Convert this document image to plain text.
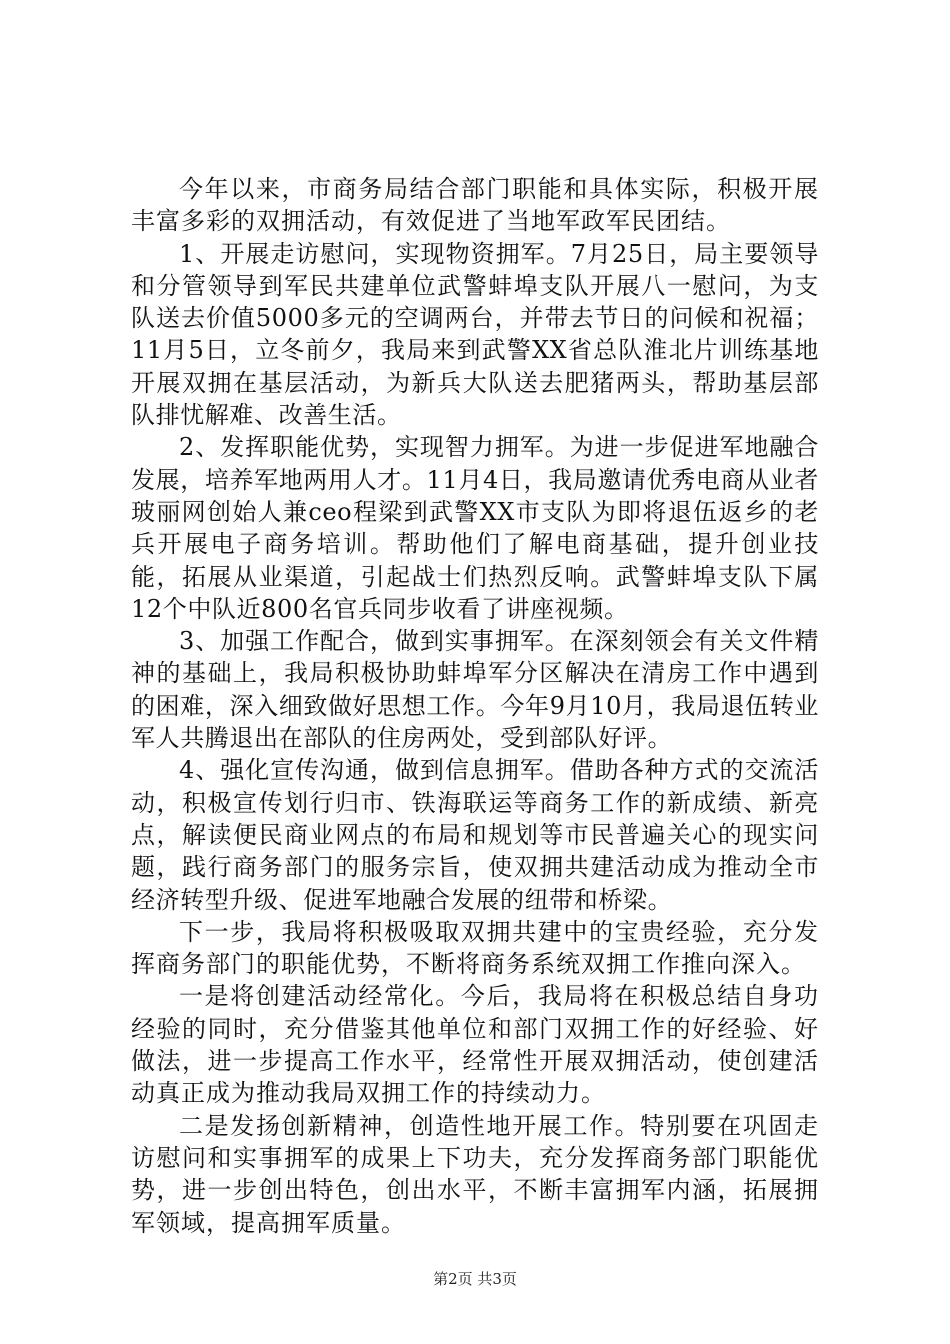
今年以来，市商务局结合部门职能和具体实际，积极开展丰富多彩的双拥活动，有效促进了当地军政军民团结。

1、开展走访慰问，实现物资拥军。7月25日，局主要领导和分管领导到军民共建单位武警蚌埠支队开展八一慰问，为支队送去价值5000多元的空调两台，并带去节日的问候和祝福；11月5日，立冬前夕，我局来到武警XX省总队淮北片训练基地开展双拥在基层活动，为新兵大队送去肥猪两头，帮助基层部队排忧解难、改善生活。

2、发挥职能优势，实现智力拥军。为进一步促进军地融合发展，培养军地两用人才。11月4日，我局邀请优秀电商从业者玻丽网创始人兼ceo程梁到武警XX市支队为即将退伍返乡的老兵开展电子商务培训。帮助他们了解电商基础，提升创业技能，拓展从业渠道，引起战士们热烈反响。武警蚌埠支队下属12个中队近800名官兵同步收看了讲座视频。

3、加强工作配合，做到实事拥军。在深刻领会有关文件精神的基础上，我局积极协助蚌埠军分区解决在清房工作中遇到的困难，深入细致做好思想工作。今年9月10月，我局退伍转业军人共腾退出在部队的住房两处，受到部队好评。

4、强化宣传沟通，做到信息拥军。借助各种方式的交流活动，积极宣传划行归市、铁海联运等商务工作的新成绩、新亮点，解读便民商业网点的布局和规划等市民普遍关心的现实问题，践行商务部门的服务宗旨，使双拥共建活动成为推动全市经济转型升级、促进军地融合发展的纽带和桥梁。

下一步，我局将积极吸取双拥共建中的宝贵经验，充分发挥商务部门的职能优势，不断将商务系统双拥工作推向深入。

一是将创建活动经常化。今后，我局将在积极总结自身功经验的同时，充分借鉴其他单位和部门双拥工作的好经验、好做法，进一步提高工作水平，经常性开展双拥活动，使创建活动真正成为推动我局双拥工作的持续动力。

二是发扬创新精神，创造性地开展工作。特别要在巩固走访慰问和实事拥军的成果上下功夫，充分发挥商务部门职能优势，进一步创出特色，创出水平，不断丰富拥军内涵，拓展拥军领域，提高拥军质量。

第2页 共3页
